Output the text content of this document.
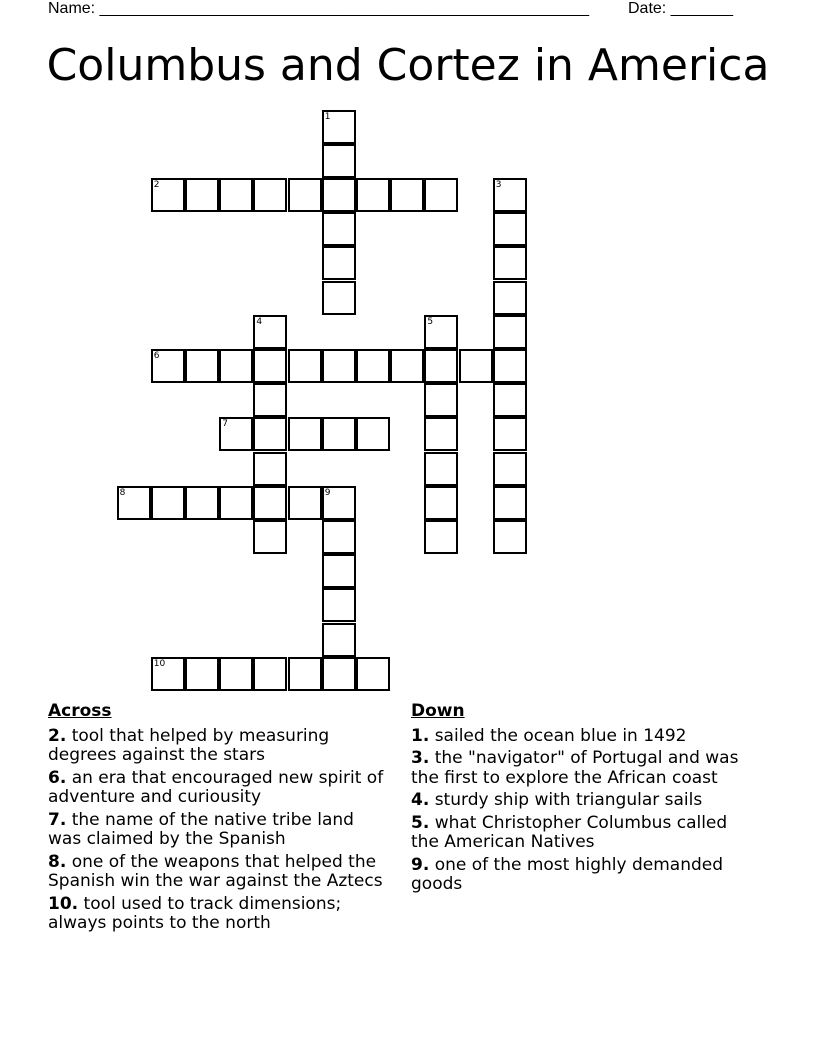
Name: _______________________________________________________ Date: _______
Columbus and Cortez in America
1
2	3
4	5
6
7
8	9
10
Across
2. tool that helped by measuring degrees against the stars
6. an era that encouraged new spirit of adventure and curiousity
7. the name of the native tribe land was claimed by the Spanish
8. one of the weapons that helped the Spanish win the war against the Aztecs
10. tool used to track dimensions; always points to the north
Down
1. sailed the ocean blue in 1492
3. the "navigator" of Portugal and was the first to explore the African coast
4. sturdy ship with triangular sails
5. what Christopher Columbus called the American Natives
9. one of the most highly demanded goods
